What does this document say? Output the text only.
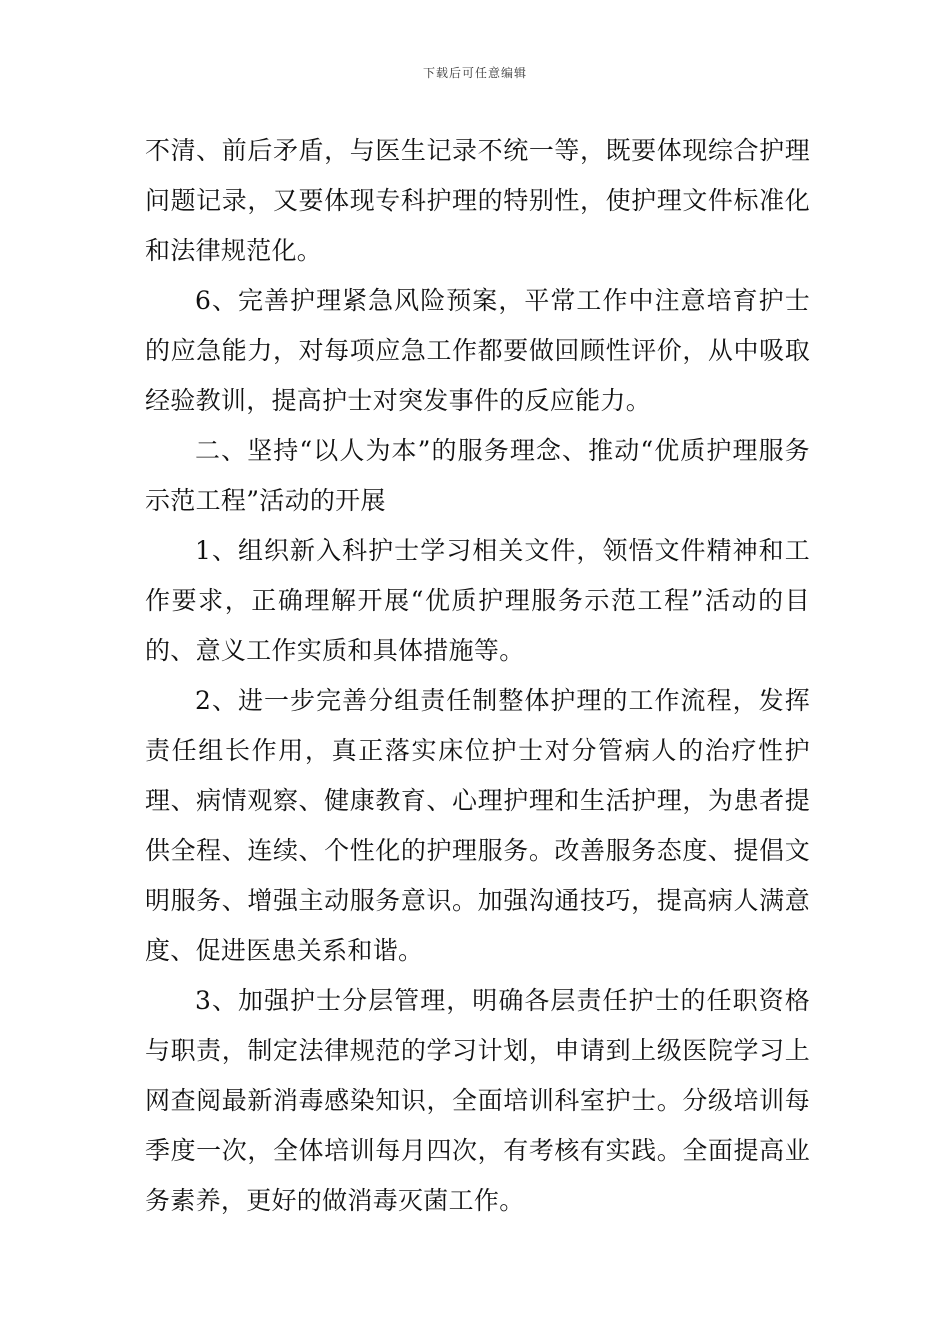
下载后可任意编辑

不清、前后矛盾，与医生记录不统一等，既要体现综合护理问题记录，又要体现专科护理的特别性，使护理文件标准化和法律规范化。

6、完善护理紧急风险预案，平常工作中注意培育护士的应急能力，对每项应急工作都要做回顾性评价，从中吸取经验教训，提高护士对突发事件的反应能力。

二、坚持“以人为本”的服务理念、推动“优质护理服务示范工程”活动的开展

1、组织新入科护士学习相关文件，领悟文件精神和工作要求，正确理解开展“优质护理服务示范工程”活动的目的、意义工作实质和具体措施等。

2、进一步完善分组责任制整体护理的工作流程，发挥责任组长作用，真正落实床位护士对分管病人的治疗性护理、病情观察、健康教育、心理护理和生活护理，为患者提供全程、连续、个性化的护理服务。改善服务态度、提倡文明服务、增强主动服务意识。加强沟通技巧，提高病人满意度、促进医患关系和谐。

3、加强护士分层管理，明确各层责任护士的任职资格与职责，制定法律规范的学习计划，申请到上级医院学习上网查阅最新消毒感染知识，全面培训科室护士。分级培训每季度一次，全体培训每月四次，有考核有实践。全面提高业务素养，更好的做消毒灭菌工作。
